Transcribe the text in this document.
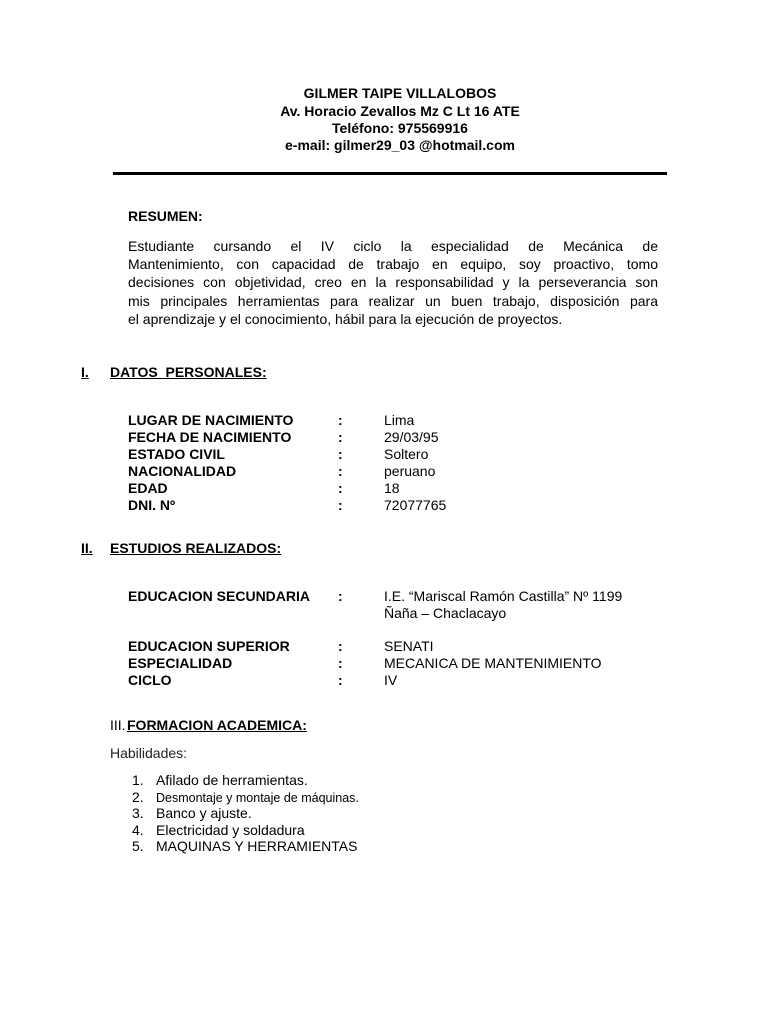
GILMER TAIPE VILLALOBOS
Av. Horacio Zevallos Mz C Lt 16 ATE
Teléfono: 975569916
e-mail: gilmer29_03 @hotmail.com
RESUMEN:
Estudiante cursando el IV ciclo la especialidad de Mecánica de
Mantenimiento, con capacidad de trabajo en equipo, soy proactivo, tomo
decisiones con objetividad, creo en la responsabilidad y la perseverancia son
mis principales herramientas para realizar un buen trabajo, disposición para
el aprendizaje y el conocimiento, hábil para la ejecución de proyectos.
I. DATOS  PERSONALES:
LUGAR DE NACIMIENTO	:	Lima
FECHA DE NACIMIENTO	:	29/03/95
ESTADO CIVIL	:	Soltero
NACIONALIDAD	:	peruano
EDAD	:	18
DNI. Nº	:	72077765
II. ESTUDIOS REALIZADOS:
EDUCACION SECUNDARIA :	I.E. “Mariscal Ramón Castilla” Nº 1199
Ñaña – Chaclacayo
EDUCACION SUPERIOR	:	SENATI
ESPECIALIDAD	:	MECANICA DE MANTENIMIENTO
CICLO	:	IV
III. FORMACION ACADEMICA:
Habilidades:
1. Afilado de herramientas.
2. Desmontaje y montaje de máquinas.
3. Banco y ajuste.
4. Electricidad y soldadura
5. MAQUINAS Y HERRAMIENTAS
